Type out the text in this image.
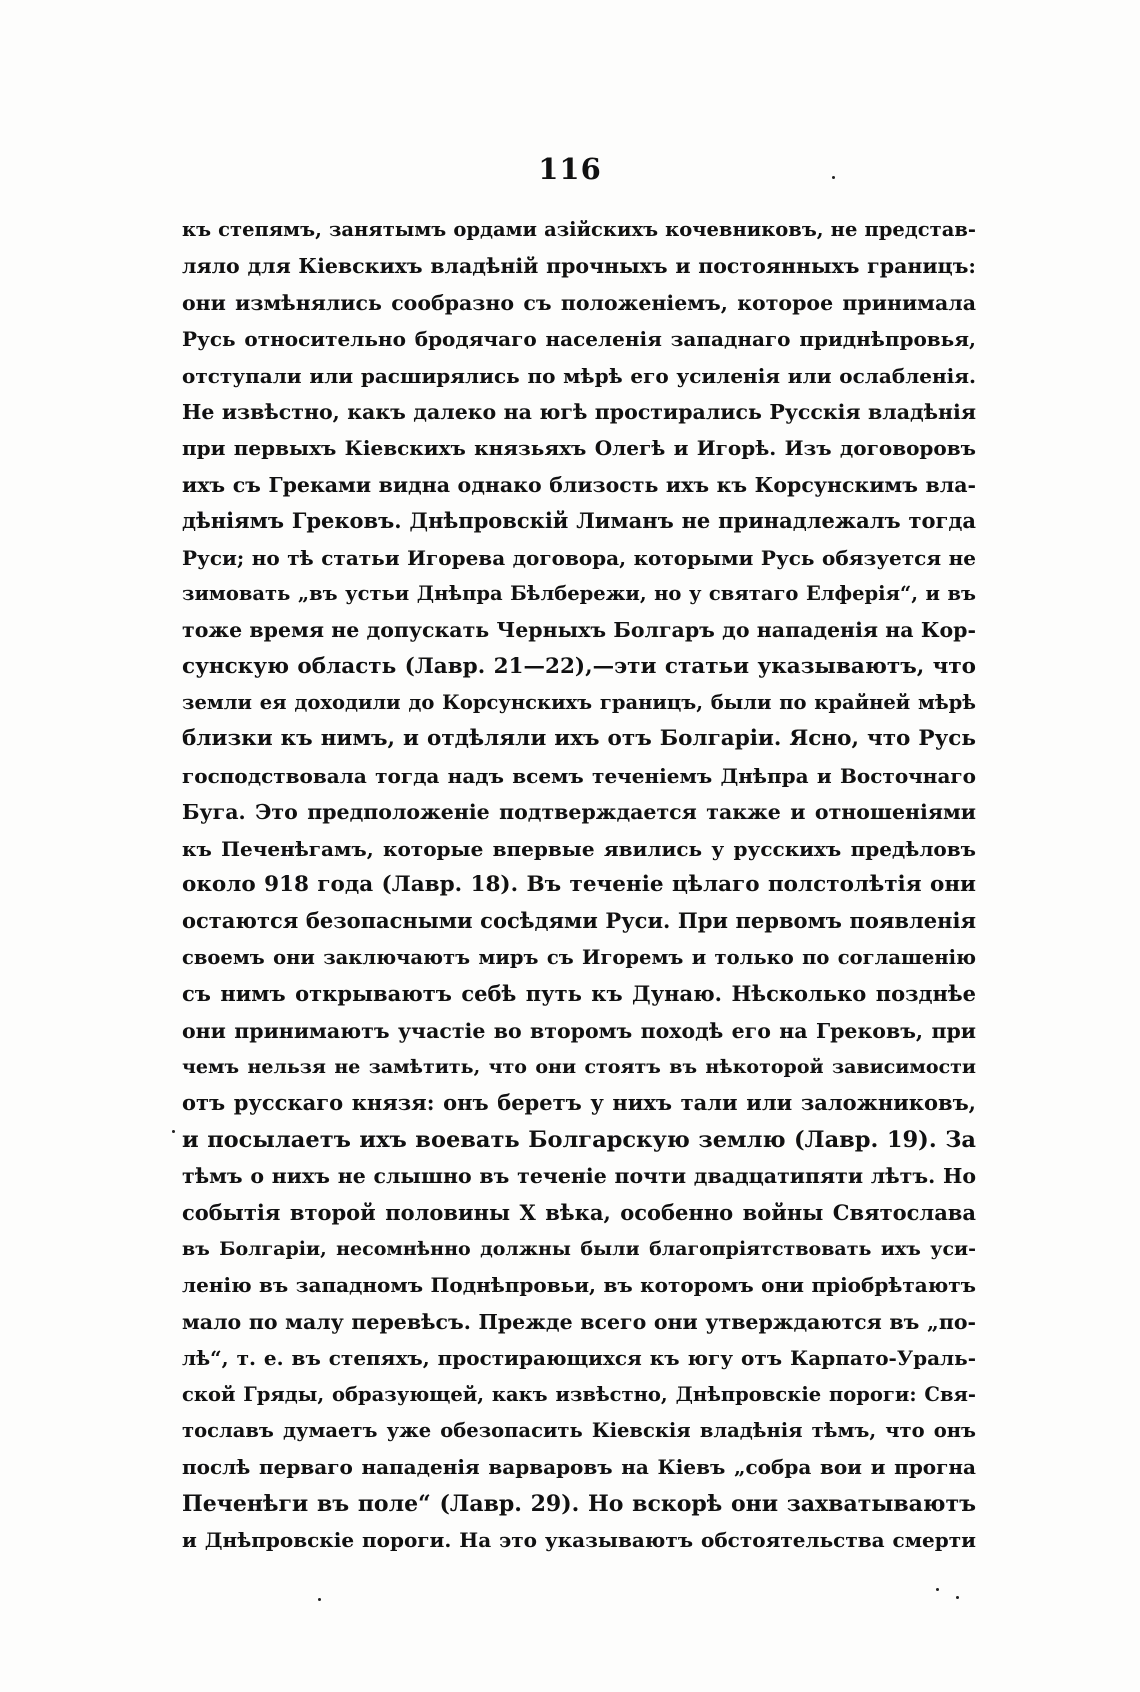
116
къ степямъ, занятымъ ордами азійскихъ кочевниковъ, не представ-
ляло для Кіевскихъ владѣній прочныхъ и постоянныхъ границъ:
они измѣнялись сообразно съ положеніемъ, которое принимала
Русь относительно бродячаго населенія западнаго приднѣпровья,
отступали или расширялись по мѣрѣ его усиленія или ослабленія.
Не извѣстно, какъ далеко на югѣ простирались Русскія владѣнія
при первыхъ Кіевскихъ князьяхъ Олегѣ и Игорѣ. Изъ договоровъ
ихъ съ Греками видна однако близость ихъ къ Корсунскимъ вла-
дѣніямъ Грековъ. Днѣпровскій Лиманъ не принадлежалъ тогда
Руси; но тѣ статьи Игорева договора, которыми Русь обязуется не
зимовать „въ устьи Днѣпра Бѣлбережи, но у святаго Елферія“, и въ
тоже время не допускать Черныхъ Болгаръ до нападенія на Кор-
сунскую область (Лавр. 21—22),—эти статьи указываютъ, что
земли ея доходили до Корсунскихъ границъ, были по крайней мѣрѣ
близки къ нимъ, и отдѣляли ихъ отъ Болгаріи. Ясно, что Русь
господствовала тогда надъ всемъ теченіемъ Днѣпра и Восточнаго
Буга. Это предположеніе подтверждается также и отношеніями
къ Печенѣгамъ, которые впервые явились у русскихъ предѣловъ
около 918 года (Лавр. 18). Въ теченіе цѣлаго полстолѣтія они
остаются безопасными сосѣдями Руси. При первомъ появленія
своемъ они заключаютъ миръ съ Игоремъ и только по соглашенію
съ нимъ открываютъ себѣ путь къ Дунаю. Нѣсколько позднѣе
они принимаютъ участіе во второмъ походѣ его на Грековъ, при
чемъ нельзя не замѣтить, что они стоятъ въ нѣкоторой зависимости
отъ русскаго князя: онъ беретъ у нихъ тали или заложниковъ,
и посылаетъ ихъ воевать Болгарскую землю (Лавр. 19). За
тѣмъ о нихъ не слышно въ теченіе почти двадцатипяти лѣтъ. Но
событія второй половины X вѣка, особенно войны Святослава
въ Болгаріи, несомнѣнно должны были благопріятствовать ихъ уси-
ленію въ западномъ Поднѣпровьи, въ которомъ они пріобрѣтаютъ
мало по малу перевѣсъ. Прежде всего они утверждаются въ „по-
лѣ“, т. е. въ степяхъ, простирающихся къ югу отъ Карпато-Ураль-
ской Гряды, образующей, какъ извѣстно, Днѣпровскіе пороги: Свя-
тославъ думаетъ уже обезопасить Кіевскія владѣнія тѣмъ, что онъ
послѣ перваго нападенія варваровъ на Кіевъ „собра вои и прогна
Печенѣги въ поле“ (Лавр. 29). Но вскорѣ они захватываютъ
и Днѣпровскіе пороги. На это указываютъ обстоятельства смерти
